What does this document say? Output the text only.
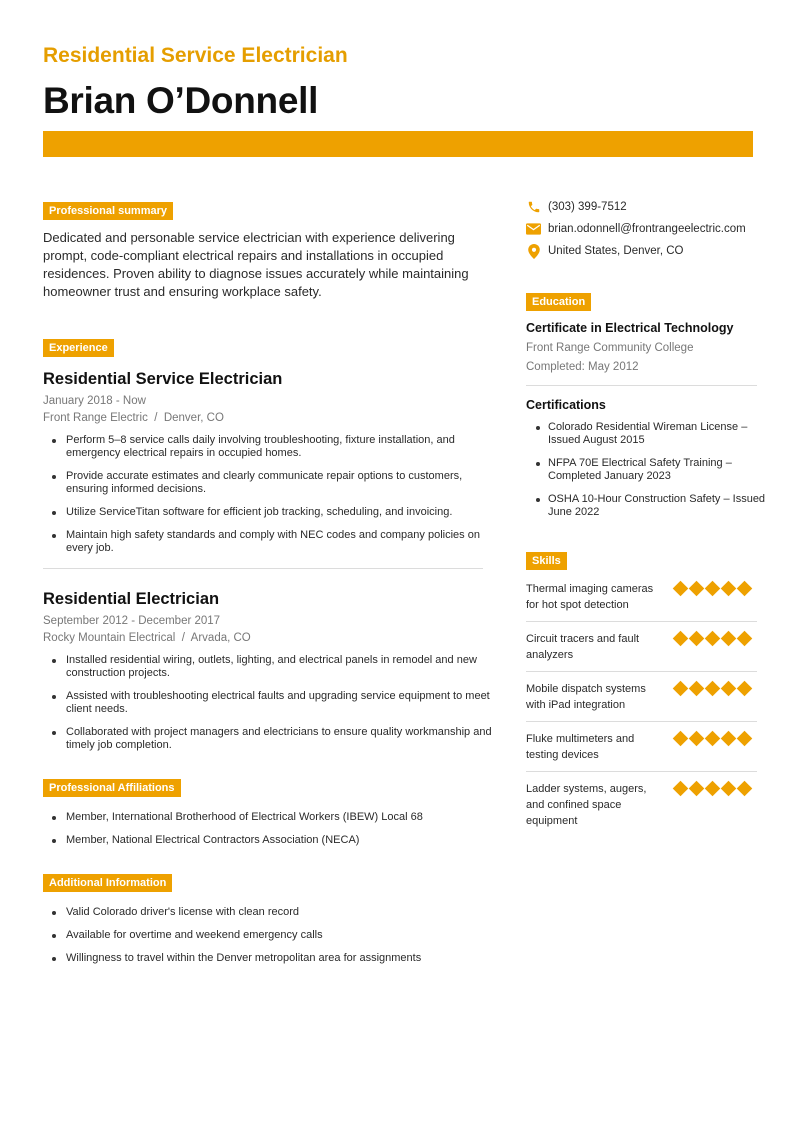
Residential Service Electrician
Brian O’Donnell
Professional summary

Dedicated and personable service electrician with experience delivering prompt, code-compliant electrical repairs and installations in occupied residences. Proven ability to diagnose issues accurately while maintaining homeowner trust and ensuring workplace safety.

Experience
Residential Service Electrician
January 2018 - Now
Front Range Electric  /  Denver, CO
Perform 5–8 service calls daily involving troubleshooting, fixture installation, and emergency electrical repairs in occupied homes.
Provide accurate estimates and clearly communicate repair options to customers, ensuring informed decisions.
Utilize ServiceTitan software for efficient job tracking, scheduling, and invoicing.
Maintain high safety standards and comply with NEC codes and company policies on every job.
Residential Electrician
September 2012 - December 2017
Rocky Mountain Electrical  /  Arvada, CO
Installed residential wiring, outlets, lighting, and electrical panels in remodel and new construction projects.
Assisted with troubleshooting electrical faults and upgrading service equipment to meet client needs.
Collaborated with project managers and electricians to ensure quality workmanship and timely job completion.
Professional Affiliations
Member, International Brotherhood of Electrical Workers (IBEW) Local 68
Member, National Electrical Contractors Association (NECA)
Additional Information
Valid Colorado driver's license with clean record
Available for overtime and weekend emergency calls
Willingness to travel within the Denver metropolitan area for assignments
(303) 399-7512
brian.odonnell@frontrangeelectric.com
United States, Denver, CO
Education
Certificate in Electrical Technology
Front Range Community College
Completed: May 2012
Certifications
Colorado Residential Wireman License – Issued August 2015
NFPA 70E Electrical Safety Training – Completed January 2023
OSHA 10-Hour Construction Safety – Issued June 2022
Skills
Thermal imaging cameras for hot spot detection
Circuit tracers and fault analyzers
Mobile dispatch systems with iPad integration
Fluke multimeters and testing devices
Ladder systems, augers, and confined space equipment
